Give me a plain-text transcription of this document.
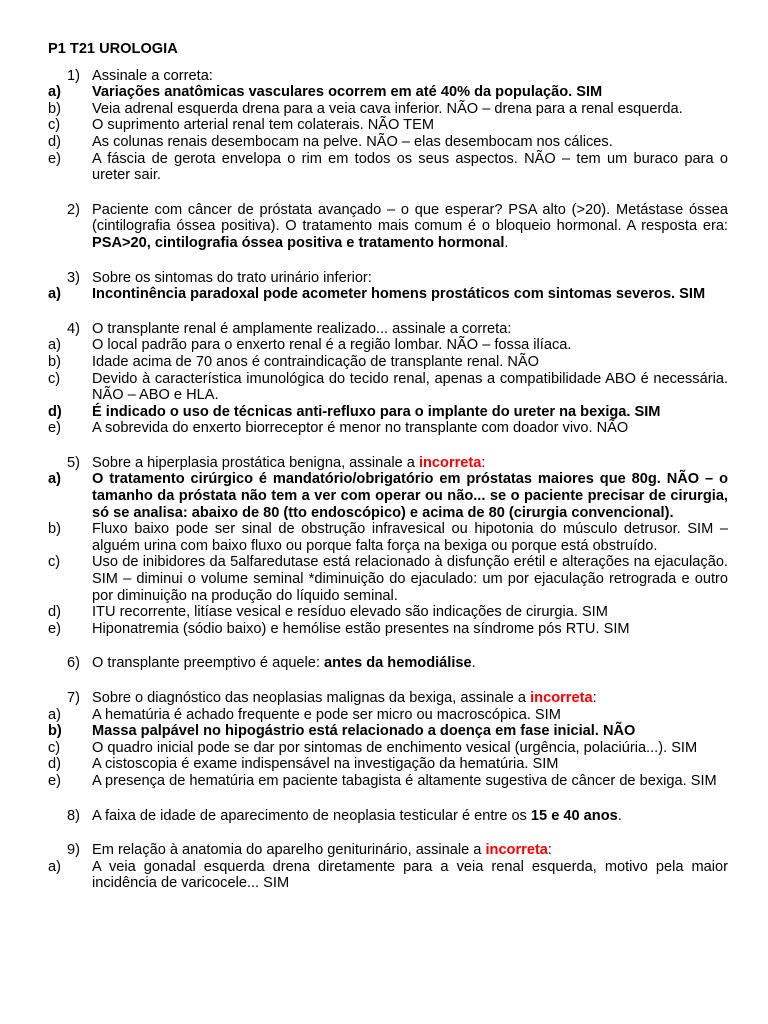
P1 T21 UROLOGIA
1) Assinale a correta:
a)	Variações anatômicas vasculares ocorrem em até 40% da população. SIM
b)	Veia adrenal esquerda drena para a veia cava inferior. NÃO – drena para a renal esquerda.
c)	O suprimento arterial renal tem colaterais. NÃO TEM
d)	As colunas renais desembocam na pelve. NÃO – elas desembocam nos cálices.
e)	A fáscia de gerota envelopa o rim em todos os seus aspectos. NÃO – tem um buraco para o ureter sair.
2) Paciente com câncer de próstata avançado – o que esperar? PSA alto (>20). Metástase óssea (cintilografia óssea positiva). O tratamento mais comum é o bloqueio hormonal. A resposta era: PSA>20, cintilografia óssea positiva e tratamento hormonal.
3) Sobre os sintomas do trato urinário inferior:
a)	Incontinência paradoxal pode acometer homens prostáticos com sintomas severos. SIM
4) O transplante renal é amplamente realizado... assinale a correta:
a)	O local padrão para o enxerto renal é a região lombar. NÃO – fossa ilíaca.
b)	Idade acima de 70 anos é contraindicação de transplante renal. NÃO
c)	Devido à característica imunológica do tecido renal, apenas a compatibilidade ABO é necessária. NÃO – ABO e HLA.
d)	É indicado o uso de técnicas anti-refluxo para o implante do ureter na bexiga. SIM
e)	A sobrevida do enxerto biorreceptor é menor no transplante com doador vivo. NÃO
5) Sobre a hiperplasia prostática benigna, assinale a incorreta:
a)	O tratamento cirúrgico é mandatório/obrigatório em próstatas maiores que 80g. NÃO – o tamanho da próstata não tem a ver com operar ou não... se o paciente precisar de cirurgia, só se analisa: abaixo de 80 (tto endoscópico) e acima de 80 (cirurgia convencional).
b)	Fluxo baixo pode ser sinal de obstrução infravesical ou hipotonia do músculo detrusor. SIM – alguém urina com baixo fluxo ou porque falta força na bexiga ou porque está obstruído.
c)	Uso de inibidores da 5alfaredutase está relacionado à disfunção erétil e alterações na ejaculação. SIM – diminui o volume seminal *diminuição do ejaculado: um por ejaculação retrograda e outro por diminuição na produção do líquido seminal.
d)	ITU recorrente, litíase vesical e resíduo elevado são indicações de cirurgia. SIM
e)	Hiponatremia (sódio baixo) e hemólise estão presentes na síndrome pós RTU. SIM
6) O transplante preemptivo é aquele: antes da hemodiálise.
7) Sobre o diagnóstico das neoplasias malignas da bexiga, assinale a incorreta:
a)	A hematúria é achado frequente e pode ser micro ou macroscópica. SIM
b)	Massa palpável no hipogástrio está relacionado a doença em fase inicial. NÃO
c)	O quadro inicial pode se dar por sintomas de enchimento vesical (urgência, polaciúria...). SIM
d)	A cistoscopia é exame indispensável na investigação da hematúria. SIM
e)	A presença de hematúria em paciente tabagista é altamente sugestiva de câncer de bexiga. SIM
8) A faixa de idade de aparecimento de neoplasia testicular é entre os 15 e 40 anos.
9) Em relação à anatomia do aparelho geniturinário, assinale a incorreta:
a)	A veia gonadal esquerda drena diretamente para a veia renal esquerda, motivo pela maior incidência de varicocele... SIM
